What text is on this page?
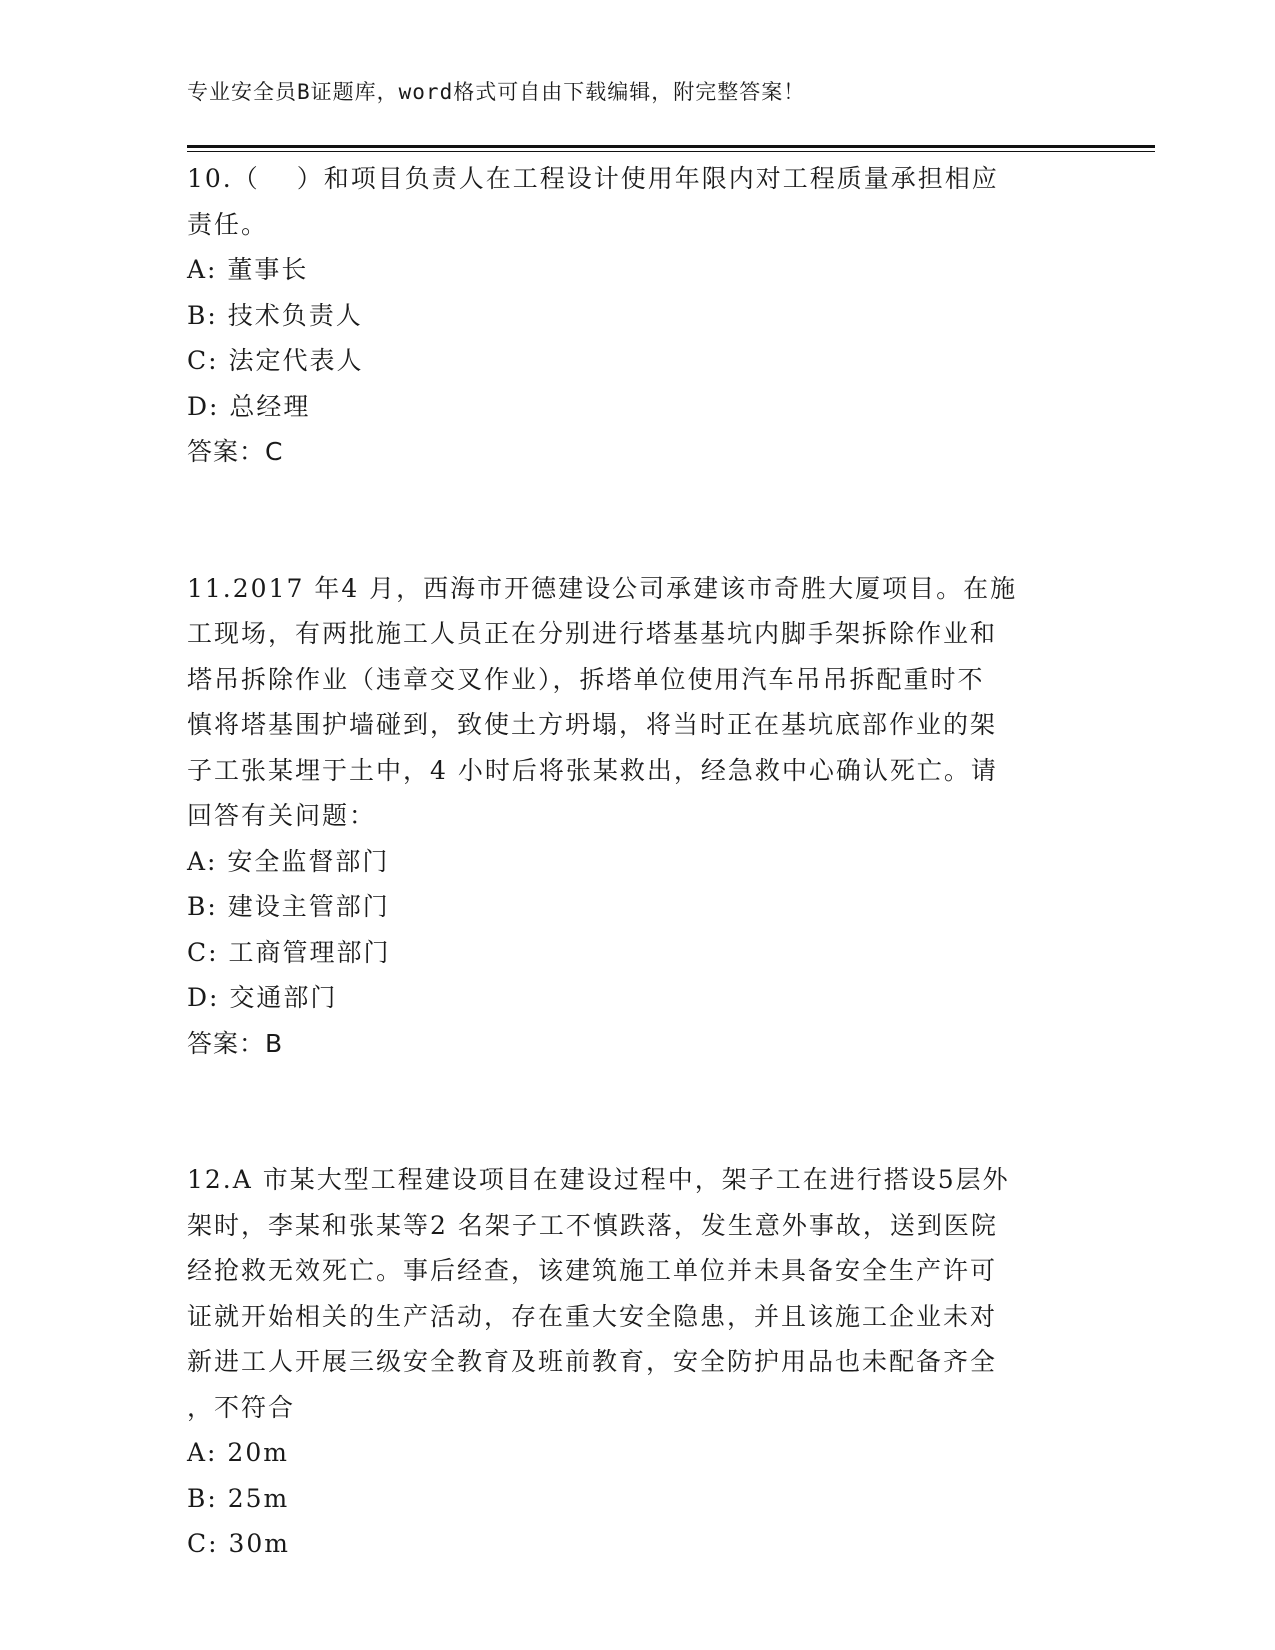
专业安全员B证题库，word格式可自由下载编辑，附完整答案！
10.（　 ）和项目负责人在工程设计使用年限内对工程质量承担相应
责任。
A: 董事长
B: 技术负责人
C: 法定代表人
D: 总经理
答案：C
11.2017 年4 月，西海市开德建设公司承建该市奇胜大厦项目。在施
工现场，有两批施工人员正在分别进行塔基基坑内脚手架拆除作业和
塔吊拆除作业（违章交叉作业），拆塔单位使用汽车吊吊拆配重时不
慎将塔基围护墙碰到，致使土方坍塌，将当时正在基坑底部作业的架
子工张某埋于土中，4 小时后将张某救出，经急救中心确认死亡。请
回答有关问题：
A: 安全监督部门
B: 建设主管部门
C: 工商管理部门
D: 交通部门
答案：B
12.A 市某大型工程建设项目在建设过程中，架子工在进行搭设5层外
架时，李某和张某等2 名架子工不慎跌落，发生意外事故，送到医院
经抢救无效死亡。事后经查，该建筑施工单位并未具备安全生产许可
证就开始相关的生产活动，存在重大安全隐患，并且该施工企业未对
新进工人开展三级安全教育及班前教育，安全防护用品也未配备齐全
，不符合
A: 20m
B: 25m
C: 30m
